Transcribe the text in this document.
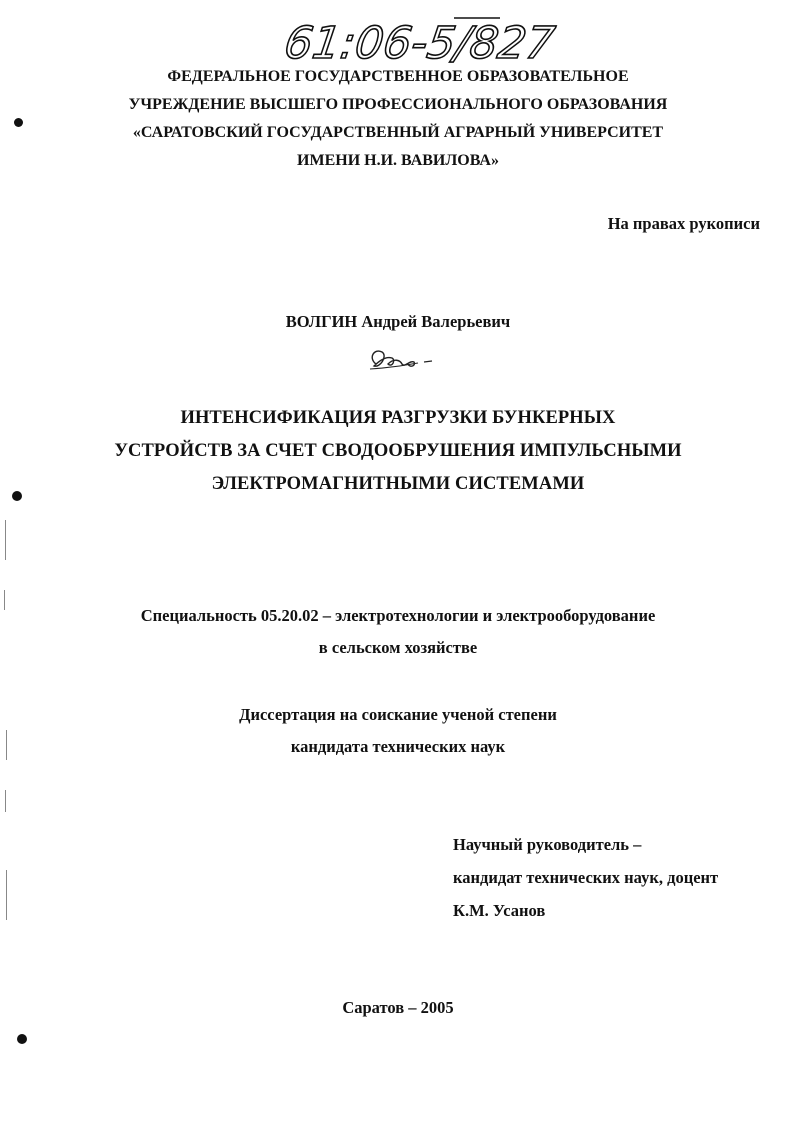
61:06-5/827
ФЕДЕРАЛЬНОЕ ГОСУДАРСТВЕННОЕ ОБРАЗОВАТЕЛЬНОЕ
УЧРЕЖДЕНИЕ ВЫСШЕГО ПРОФЕССИОНАЛЬНОГО ОБРАЗОВАНИЯ
«САРАТОВСКИЙ ГОСУДАРСТВЕННЫЙ АГРАРНЫЙ УНИВЕРСИТЕТ
ИМЕНИ Н.И. ВАВИЛОВА»
На правах рукописи
ВОЛГИН Андрей Валерьевич
ИНТЕНСИФИКАЦИЯ РАЗГРУЗКИ БУНКЕРНЫХ
УСТРОЙСТВ ЗА СЧЕТ СВОДООБРУШЕНИЯ ИМПУЛЬСНЫМИ
ЭЛЕКТРОМАГНИТНЫМИ СИСТЕМАМИ
Специальность 05.20.02 – электротехнологии и электрооборудование
в сельском хозяйстве
Диссертация на соискание ученой степени
кандидата технических наук
Научный руководитель –
кандидат технических наук, доцент
К.М. Усанов
Саратов – 2005
